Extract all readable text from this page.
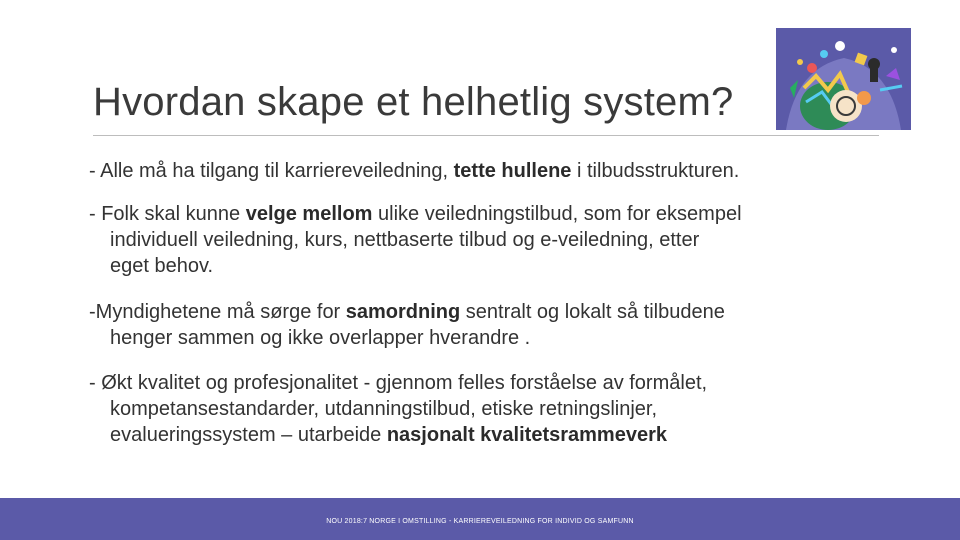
Hvordan skape et helhetlig system?
- Alle må ha tilgang til karriereveiledning, tette hullene i tilbudsstrukturen.
- Folk skal kunne velge mellom ulike veiledningstilbud, som for eksempel
individuell veiledning, kurs, nettbaserte tilbud og e-veiledning, etter
eget behov.
-Myndighetene må sørge for samordning sentralt og lokalt så tilbudene
henger sammen og ikke overlapper hverandre .
- Økt kvalitet og profesjonalitet - gjennom felles forståelse av formålet,
kompetansestandarder, utdanningstilbud, etiske retningslinjer,
evalueringssystem – utarbeide nasjonalt kvalitetsrammeverk
NOU 2018:7 NORGE I OMSTILLING - KARRIEREVEILEDNING FOR INDIVID OG SAMFUNN
